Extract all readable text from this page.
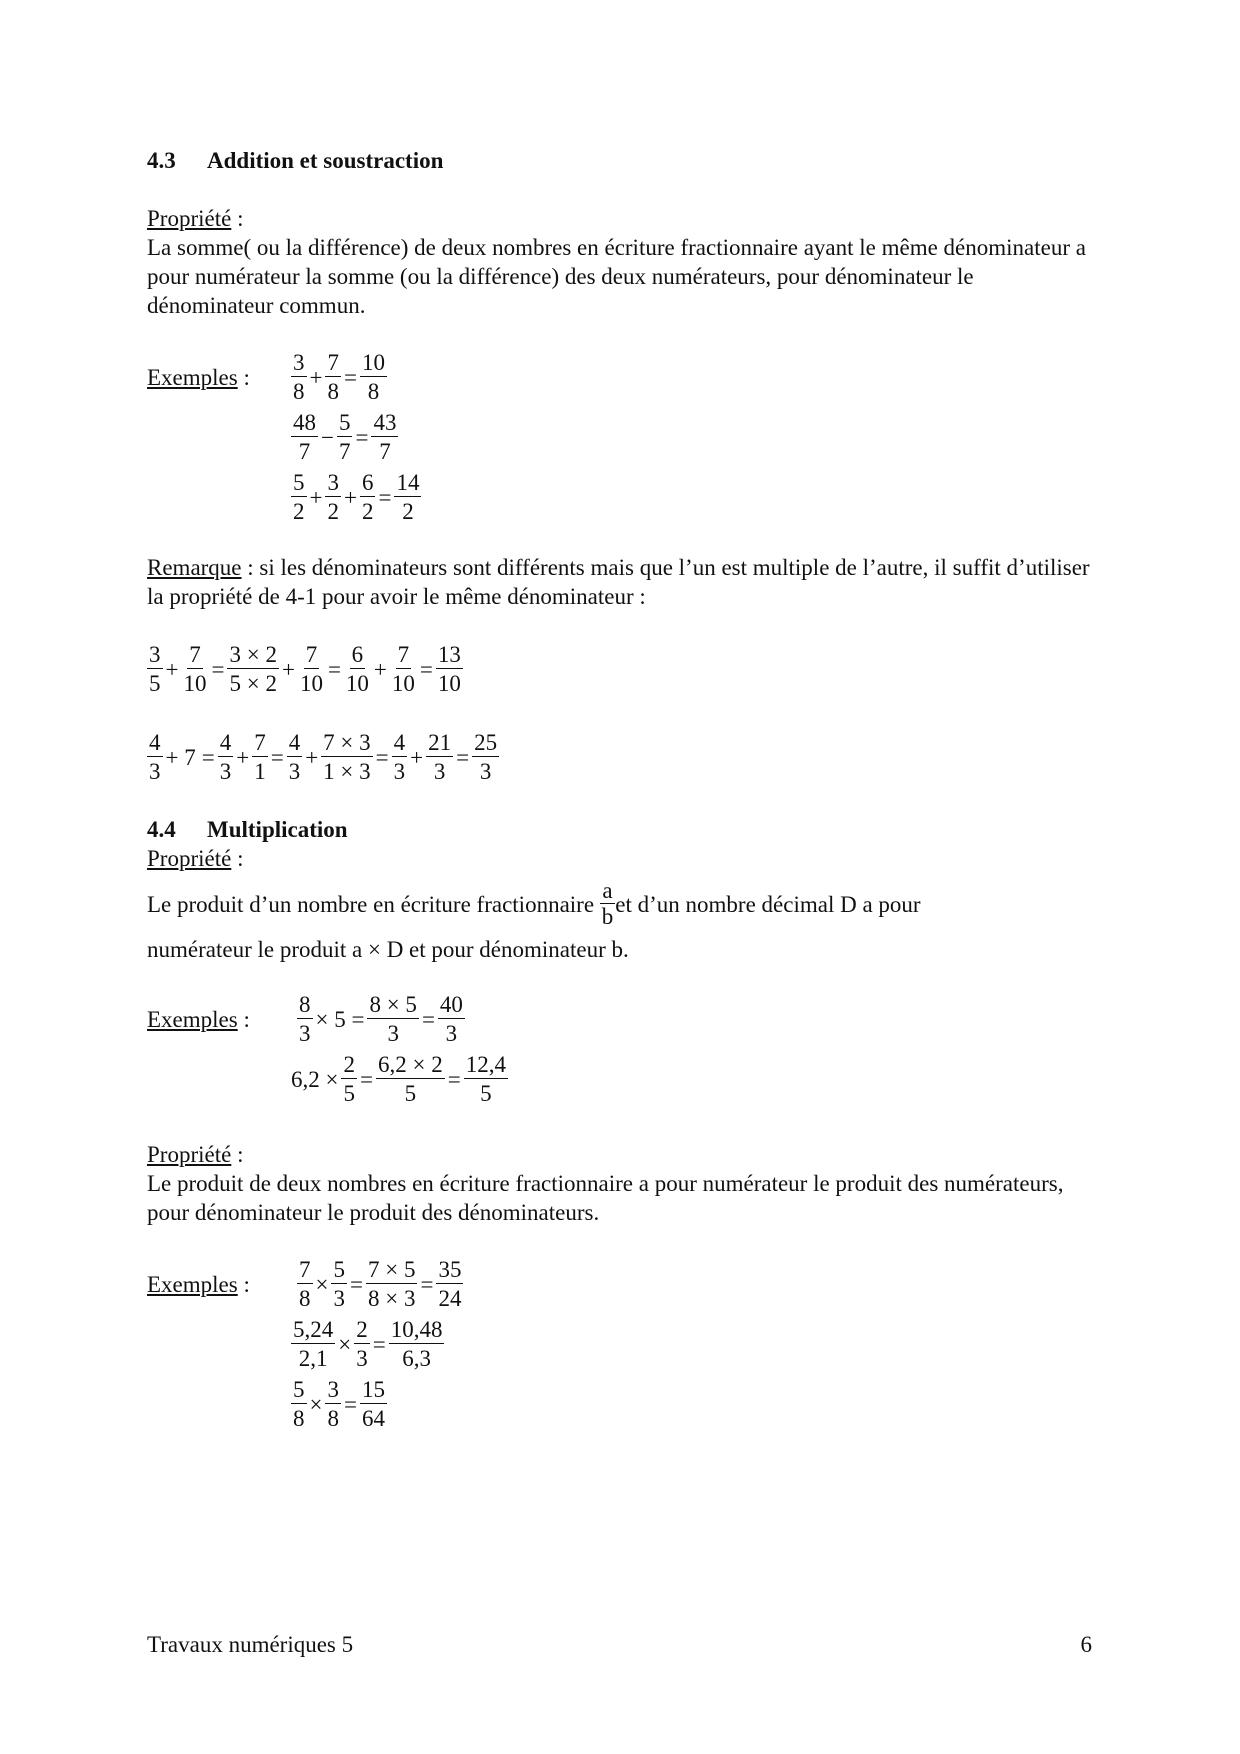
4.3 Addition et soustraction
Propriété :
La somme( ou la différence) de deux nombres en écriture fractionnaire ayant le même dénominateur a pour numérateur la somme (ou la différence) des deux numérateurs, pour dénominateur le dénominateur commun.
Exemples : $\frac{3}{8} + \frac{7}{8} = \frac{10}{8}$
$\frac{48}{7} - \frac{5}{7} = \frac{43}{7}$
$\frac{5}{2} + \frac{3}{2} + \frac{6}{2} = \frac{14}{2}$
Remarque : si les dénominateurs sont différents mais que l’un est multiple de l’autre, il suffit d’utiliser la propriété de 4-1 pour avoir le même dénominateur :
$\frac{3}{5} + \frac{7}{10} = \frac{3 \times 2}{5 \times 2} + \frac{7}{10} = \frac{6}{10} + \frac{7}{10} = \frac{13}{10}$
$\frac{4}{3} + 7 = \frac{4}{3} + \frac{7}{1} = \frac{4}{3} + \frac{7 \times 3}{1 \times 3} = \frac{4}{3} + \frac{21}{3} = \frac{25}{3}$
4.4 Multiplication
Propriété :
Le produit d’un nombre en écriture fractionnaire $\frac{a}{b}$ et d’un nombre décimal D a pour
numérateur le produit a × D et pour dénominateur b.
Exemples : $\frac{8}{3} \times 5 = \frac{8 \times 5}{3} = \frac{40}{3}$
$6,2 \times \frac{2}{5} = \frac{6,2 \times 2}{5} = \frac{12,4}{5}$
Propriété :
Le produit de deux nombres en écriture fractionnaire a pour numérateur le produit des numérateurs, pour dénominateur le produit des dénominateurs.
Exemples : $\frac{7}{8} \times \frac{5}{3} = \frac{7 \times 5}{8 \times 3} = \frac{35}{24}$
$\frac{5,24}{2,1} \times \frac{2}{3} = \frac{10,48}{6,3}$
$\frac{5}{8} \times \frac{3}{8} = \frac{15}{64}$
Travaux numériques 5	6
